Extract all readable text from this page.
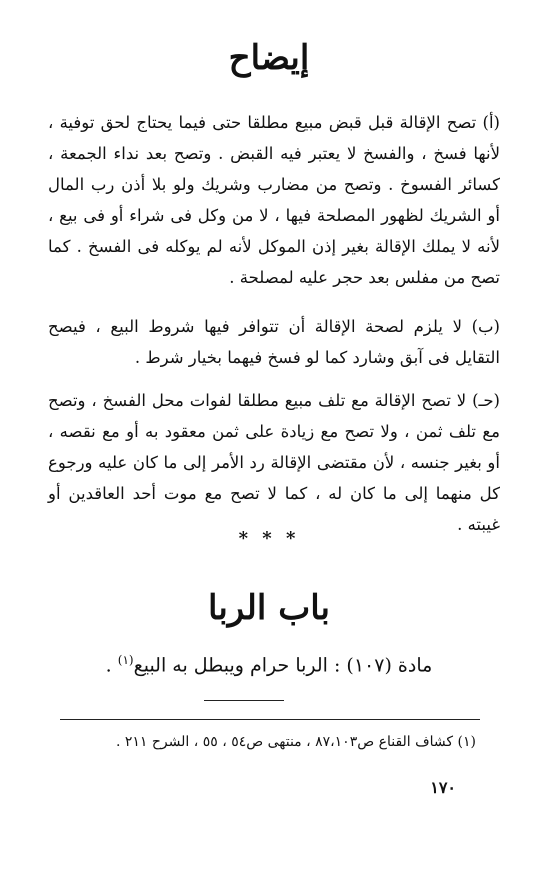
إيضاح

(أ) تصح الإقالة قبل قبض مبيع مطلقا حتى فيما يحتاج لحق توفية ، لأنها فسخ ، والفسخ لا يعتبر فيه القبض . وتصح بعد نداء الجمعة ، كسائر الفسوخ . وتصح من مضارب وشريك ولو بلا أذن رب المال أو الشريك لظهور المصلحة فيها ، لا من وكل فى شراء أو فى بيع ، لأنه لا يملك الإقالة بغير إذن الموكل لأنه لم يوكله فى الفسخ . كما تصح من مفلس بعد حجر عليه لمصلحة .

(ب) لا يلزم لصحة الإقالة أن تتوافر فيها شروط البيع ، فيصح التقايل فى آبق وشارد كما لو فسخ فيهما بخيار شرط .

(حـ) لا تصح الإقالة مع تلف مبيع مطلقا لفوات محل الفسخ ، وتصح مع تلف ثمن ، ولا تصح مع زيادة على ثمن معقود به أو مع نقصه ، أو بغير جنسه ، لأن مقتضى الإقالة رد الأمر إلى ما كان عليه ورجوع كل منهما إلى ما كان له ، كما لا تصح مع موت أحد العاقدين أو غيبته .

* * *
باب الربا
مادة (١٠٧) : الربا حرام ويبطل به البيع$^{(١)}$ .
(١) كشاف القناع ص٨٧،١٠٣ ، منتهى ص٥٤ ، ٥٥ ، الشرح ٢١١ .
١٧٠
